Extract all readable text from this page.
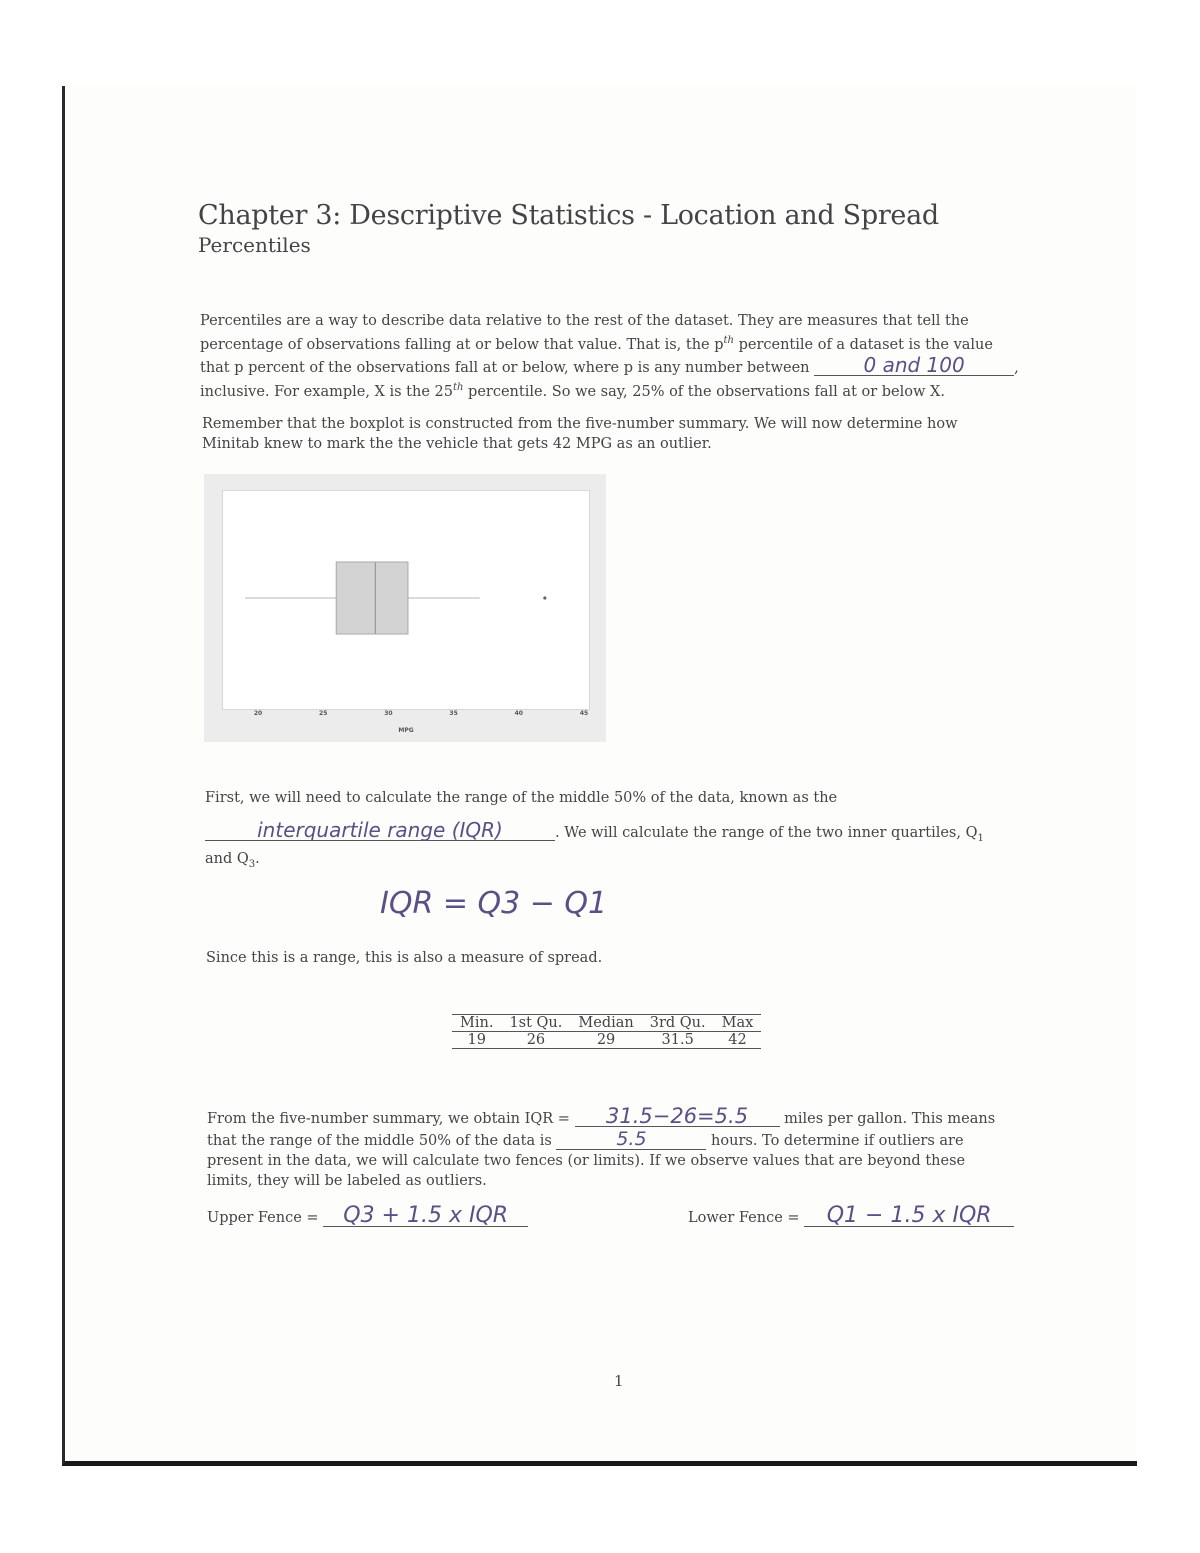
Chapter 3: Descriptive Statistics - Location and Spread
Percentiles
Percentiles are a way to describe data relative to the rest of the dataset. They are measures that tell the
percentage of observations falling at or below that value. That is, the $p^{th}$ percentile of a dataset is the value
that p percent of the observations fall at or below, where p is any number between	0 and 100	,
inclusive. For example, X is the 25th percentile. So we say, 25% of the observations fall at or below X.
Remember that the boxplot is constructed from the five-number summary. We will now determine how
Minitab knew to mark the the vehicle that gets 42 MPG as an outlier.
20	25	30	35	40	45
MPG
First, we will need to calculate the range of the middle 50% of the data, known as the
interquartile range (IQR)	. We will calculate the range of the two inner quartiles, $Q_1$
and $Q_3$.
IQR = Q3 − Q1
Since this is a range, this is also a measure of spread.
Min.	1st Qu.	Median	3rd Qu.	Max
19	26	29	31.5	42
From the five-number summary, we obtain IQR = 31.5−26=5.5 miles per gallon. This means
that the range of the middle 50% of the data is	5.5	hours. To determine if outliers are
present in the data, we will calculate two fences (or limits). If we observe values that are beyond these
limits, they will be labeled as outliers.
Upper Fence = Q3 + 1.5 x IQR	Lower Fence = Q1 − 1.5 x IQR
1
